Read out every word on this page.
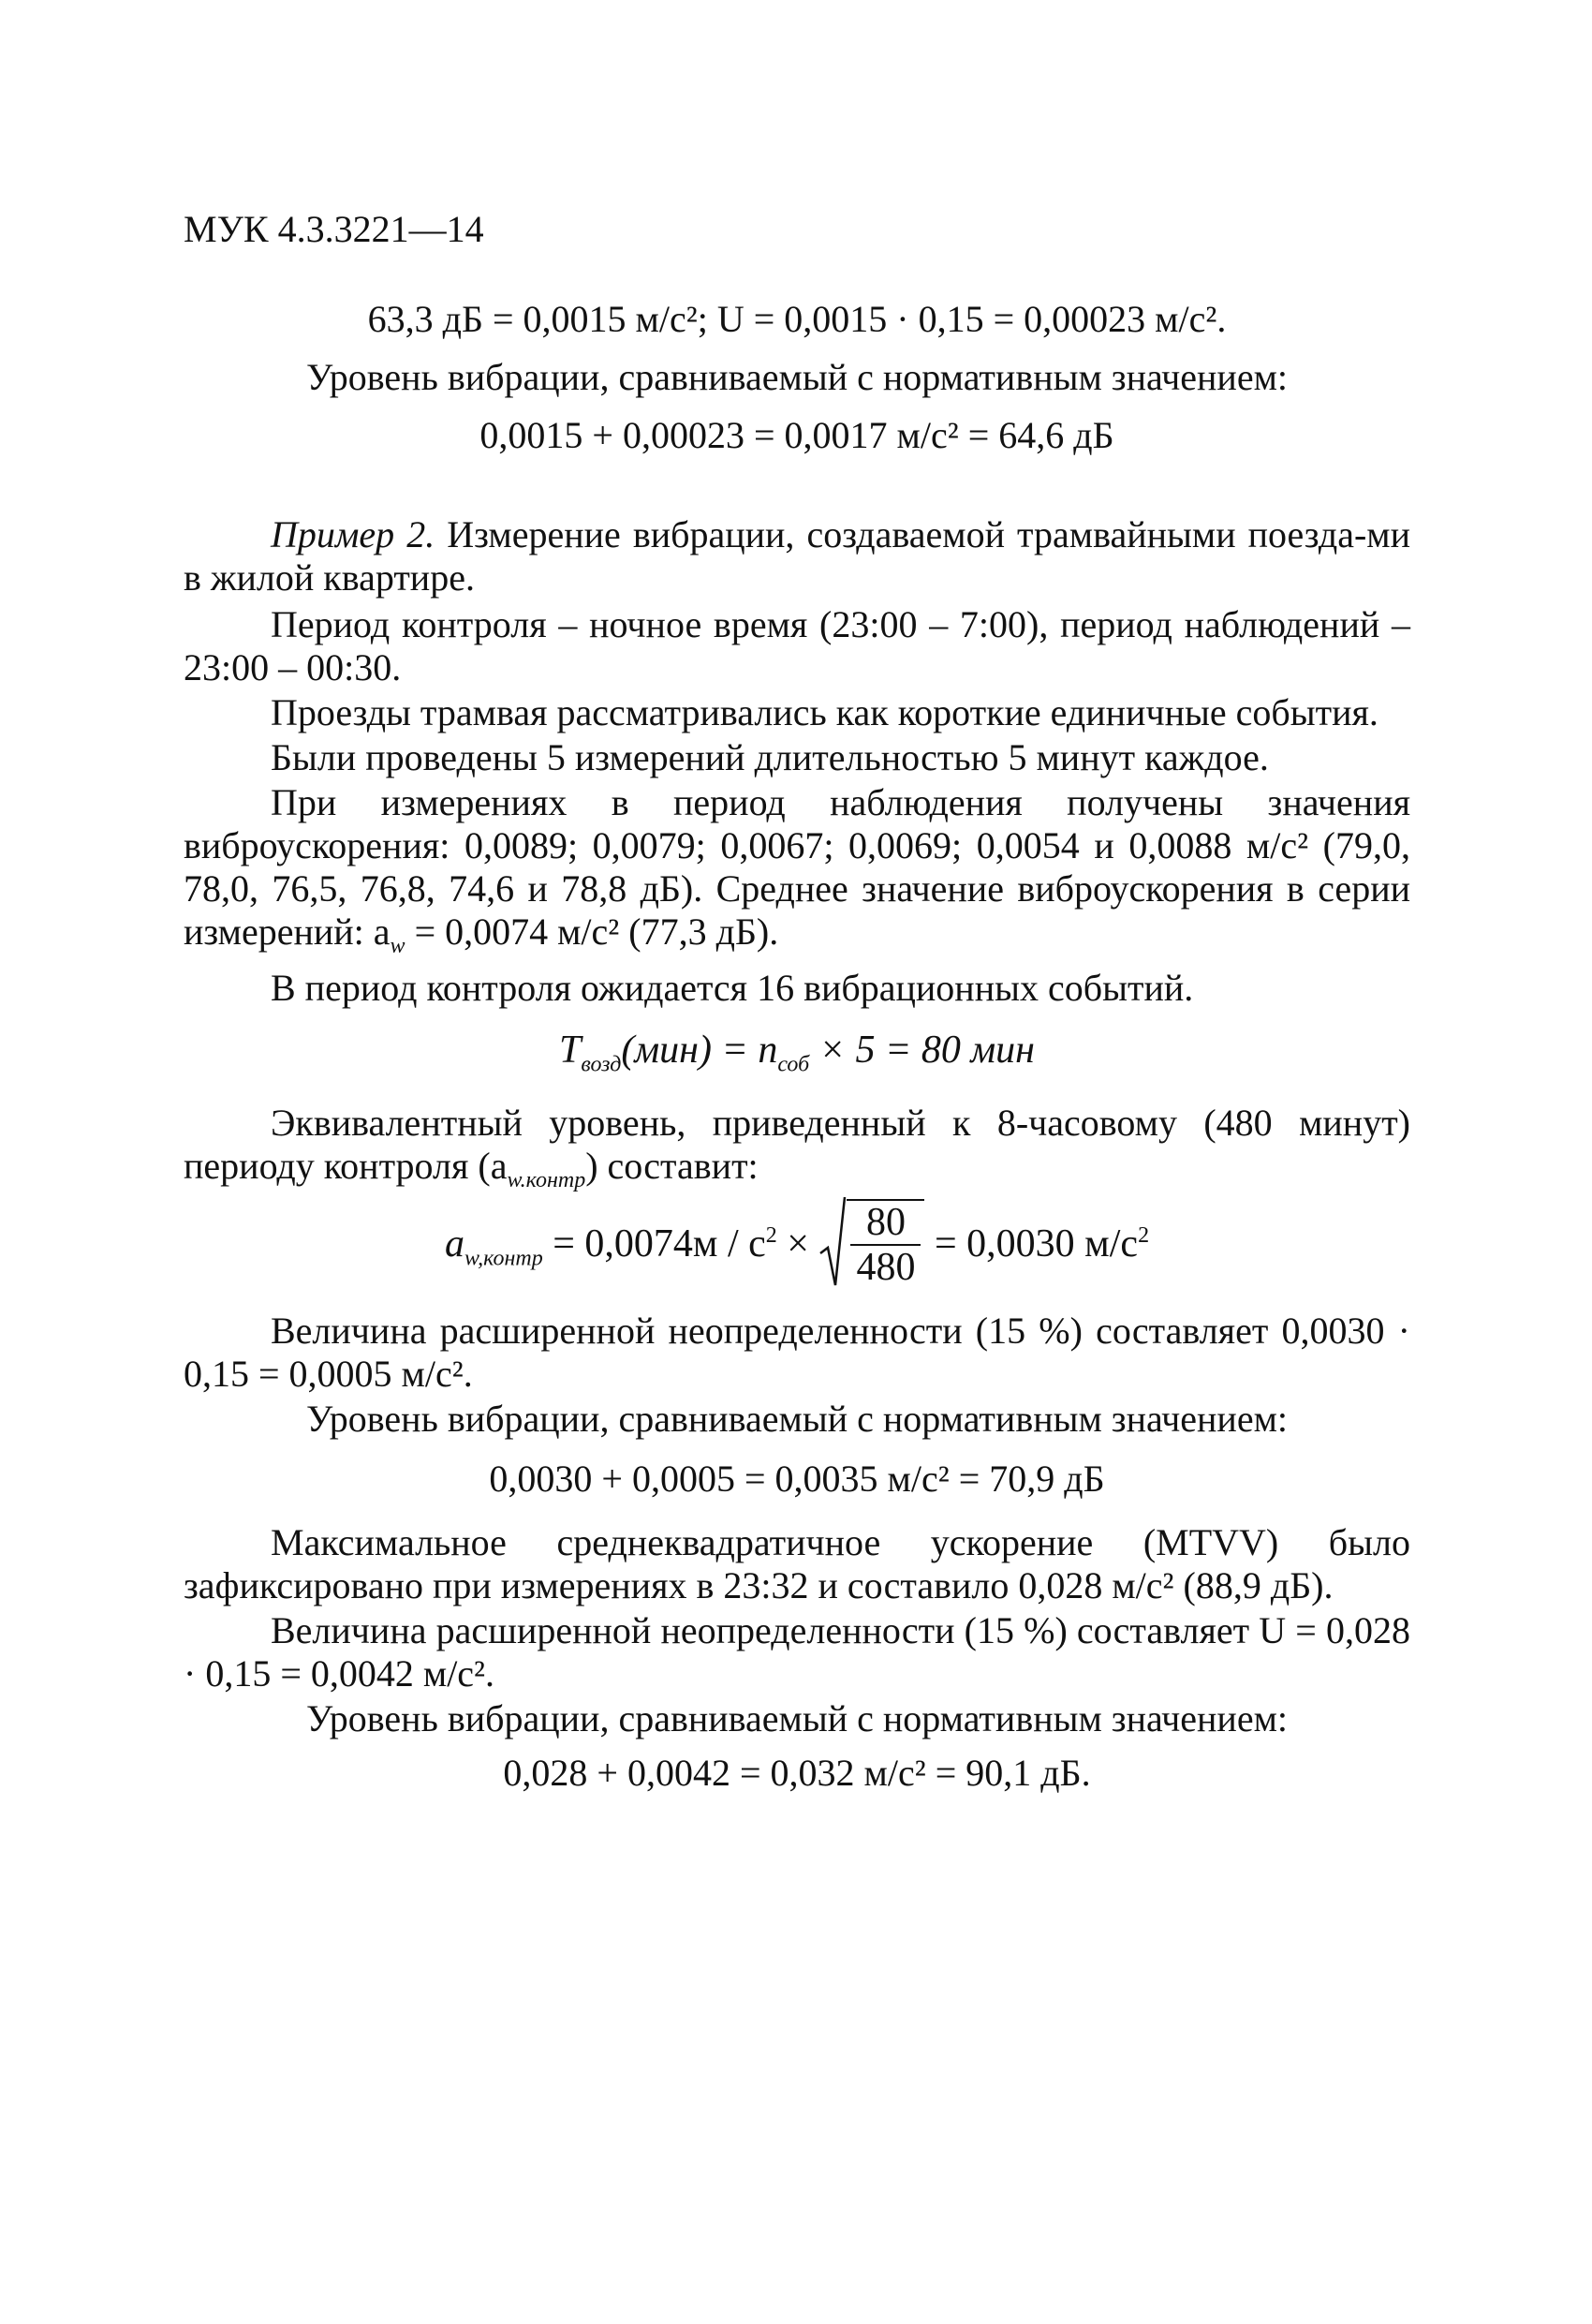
МУК 4.3.3221—14

63,3 дБ = 0,0015 м/с²; U = 0,0015 · 0,15 = 0,00023 м/с².

Уровень вибрации, сравниваемый с нормативным значением:

0,0015 + 0,00023 = 0,0017 м/с² = 64,6 дБ

Пример 2. Измерение вибрации, создаваемой трамвайными поезда-ми в жилой квартире.

Период контроля – ночное время (23:00 – 7:00), период наблюдений – 23:00 – 00:30.

Проезды трамвая рассматривались как короткие единичные события.

Были проведены 5 измерений длительностью 5 минут каждое.

При измерениях в период наблюдения получены значения виброускорения: 0,0089; 0,0079; 0,0067; 0,0069; 0,0054 и 0,0088 м/с² (79,0, 78,0, 76,5, 76,8, 74,6 и 78,8 дБ). Среднее значение виброускорения в серии измерений: $a_w = 0,0074$ м/с² (77,3 дБ).

В период контроля ожидается 16 вибрационных событий.

$T_{возд}(мин) = n_{соб} \times 5 = 80$ мин

Эквивалентный уровень, приведенный к 8-часовому (480 минут) периоду контроля $(a_{w.контр})$ составит:

$a_{w,контр} = 0,0074м / с^2 \times \frac{80}{480} = 0,0030$ $м/с^2$

Величина расширенной неопределенности (15 %) составляет 0,0030 · 0,15 = 0,0005 м/с².

Уровень вибрации, сравниваемый с нормативным значением:

0,0030 + 0,0005 = 0,0035 м/с² = 70,9 дБ

Максимальное среднеквадратичное ускорение (MTVV) было зафиксировано при измерениях в 23:32 и составило 0,028 м/с² (88,9 дБ).

Величина расширенной неопределенности (15 %) составляет U = 0,028 · 0,15 = 0,0042 м/с².

Уровень вибрации, сравниваемый с нормативным значением:

0,028 + 0,0042 = 0,032 м/с² = 90,1 дБ.
